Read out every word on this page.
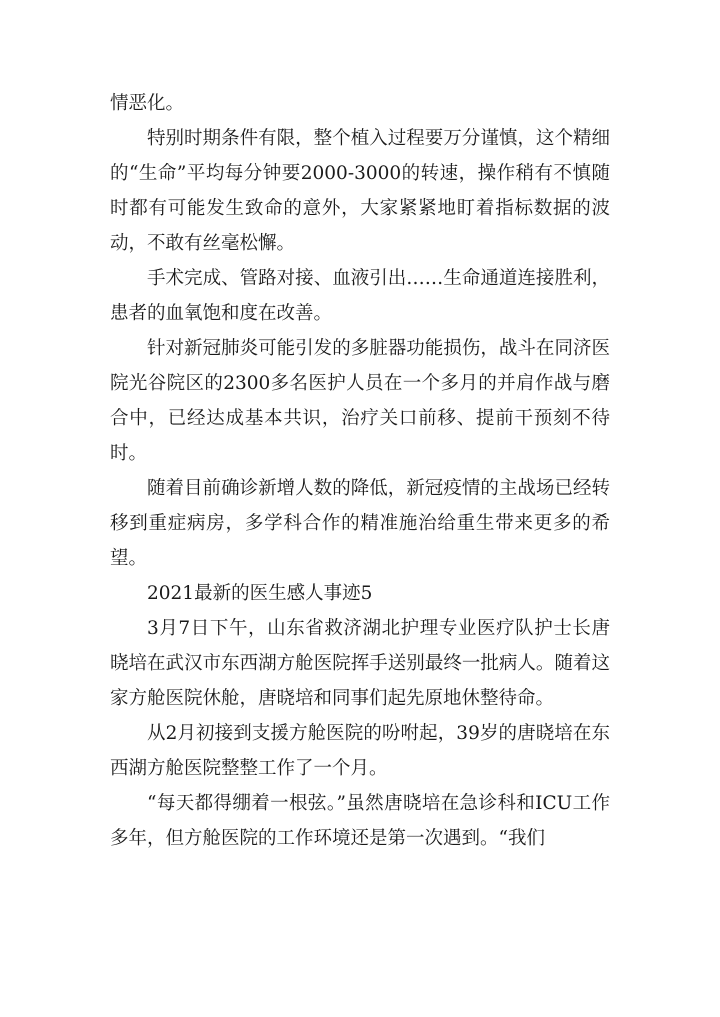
情恶化。

特别时期条件有限，整个植入过程要万分谨慎，这个精细的“生命”平均每分钟要2000-3000的转速，操作稍有不慎随时都有可能发生致命的意外，大家紧紧地盯着指标数据的波动，不敢有丝毫松懈。

手术完成、管路对接、血液引出……生命通道连接胜利，患者的血氧饱和度在改善。

针对新冠肺炎可能引发的多脏器功能损伤，战斗在同济医院光谷院区的2300多名医护人员在一个多月的并肩作战与磨合中，已经达成基本共识，治疗关口前移、提前干预刻不待时。

随着目前确诊新增人数的降低，新冠疫情的主战场已经转移到重症病房，多学科合作的精准施治给重生带来更多的希望。

2021最新的医生感人事迹5

3月7日下午，山东省救济湖北护理专业医疗队护士长唐晓培在武汉市东西湖方舱医院挥手送别最终一批病人。随着这家方舱医院休舱，唐晓培和同事们起先原地休整待命。

从2月初接到支援方舱医院的吩咐起，39岁的唐晓培在东西湖方舱医院整整工作了一个月。

“每天都得绷着一根弦。”虽然唐晓培在急诊科和ICU工作多年，但方舱医院的工作环境还是第一次遇到。“我们
